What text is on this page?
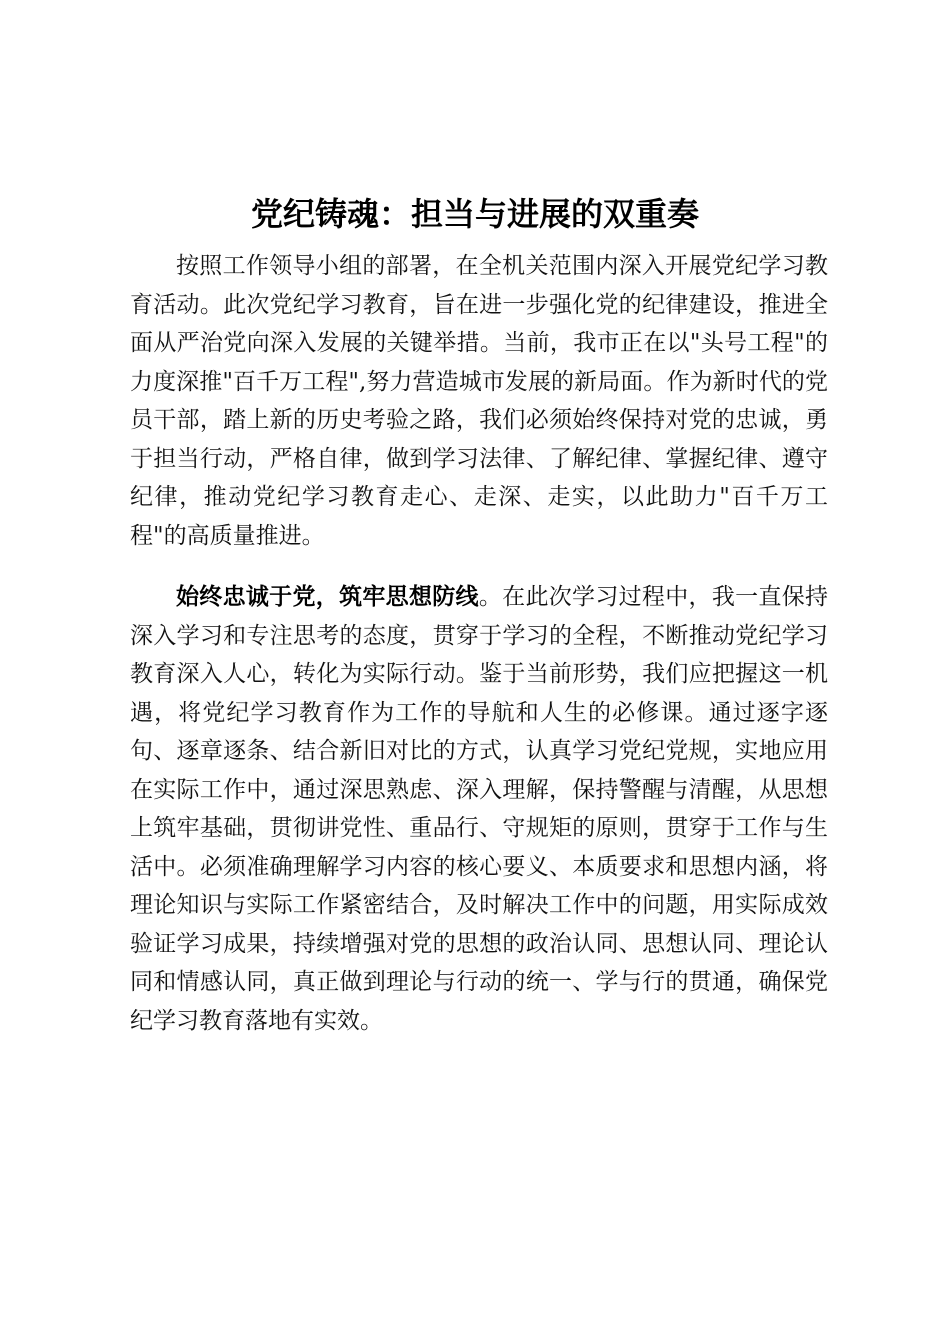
党纪铸魂：担当与进展的双重奏

按照工作领导小组的部署，在全机关范围内深入开展党纪学习教育活动。此次党纪学习教育，旨在进一步强化党的纪律建设，推进全面从严治党向深入发展的关键举措。当前，我市正在以"头号工程"的力度深推"百千万工程",努力营造城市发展的新局面。作为新时代的党员干部，踏上新的历史考验之路，我们必须始终保持对党的忠诚，勇于担当行动，严格自律，做到学习法律、了解纪律、掌握纪律、遵守纪律，推动党纪学习教育走心、走深、走实，以此助力"百千万工程"的高质量推进。

始终忠诚于党，筑牢思想防线。在此次学习过程中，我一直保持深入学习和专注思考的态度，贯穿于学习的全程，不断推动党纪学习教育深入人心，转化为实际行动。鉴于当前形势，我们应把握这一机遇，将党纪学习教育作为工作的导航和人生的必修课。通过逐字逐句、逐章逐条、结合新旧对比的方式，认真学习党纪党规，实地应用在实际工作中，通过深思熟虑、深入理解，保持警醒与清醒，从思想上筑牢基础，贯彻讲党性、重品行、守规矩的原则，贯穿于工作与生活中。必须准确理解学习内容的核心要义、本质要求和思想内涵，将理论知识与实际工作紧密结合，及时解决工作中的问题，用实际成效验证学习成果，持续增强对党的思想的政治认同、思想认同、理论认同和情感认同，真正做到理论与行动的统一、学与行的贯通，确保党纪学习教育落地有实效。
